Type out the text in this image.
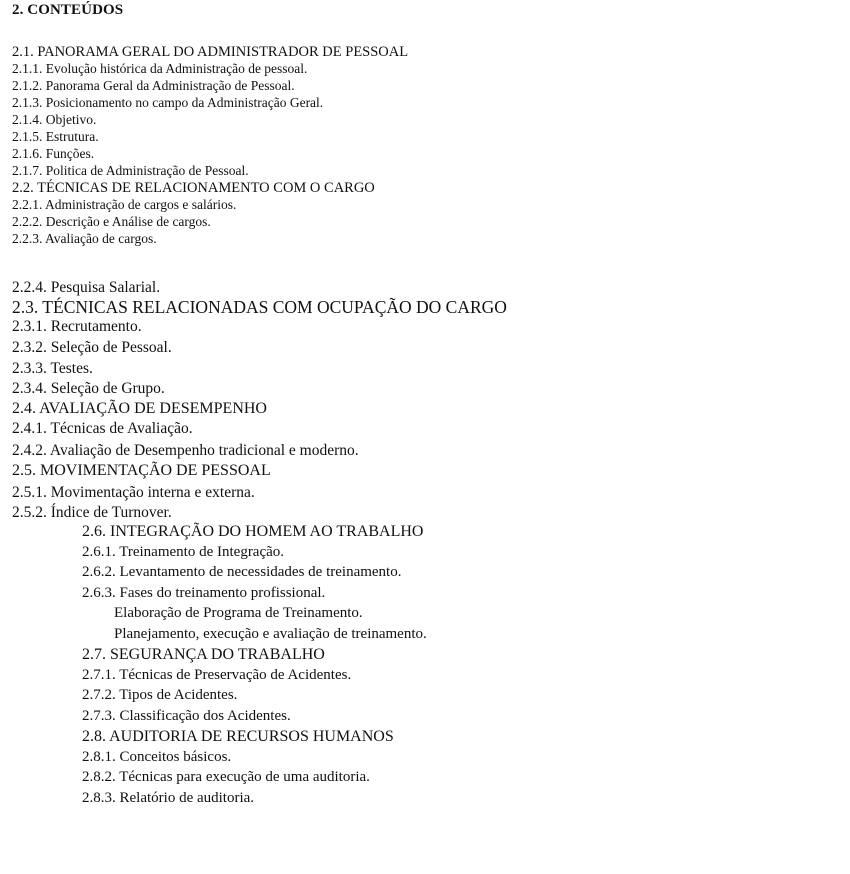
2. CONTEÚDOS
2.1. PANORAMA GERAL DO ADMINISTRADOR DE PESSOAL
2.1.1. Evolução histórica da Administração de pessoal.
2.1.2. Panorama Geral da Administração de Pessoal.
2.1.3. Posicionamento no campo da Administração Geral.
2.1.4. Objetivo.
2.1.5. Estrutura.
2.1.6. Funções.
2.1.7. Politica de Administração de Pessoal.
2.2. TÉCNICAS DE RELACIONAMENTO COM O CARGO
2.2.1. Administração de cargos e salários.
2.2.2. Descrição e Análise de cargos.
2.2.3. Avaliação de cargos.
2.2.4. Pesquisa Salarial.
2.3. TÉCNICAS RELACIONADAS COM OCUPAÇÃO DO CARGO
2.3.1. Recrutamento.
2.3.2. Seleção de Pessoal.
2.3.3. Testes.
2.3.4. Seleção de Grupo.
2.4. AVALIAÇÃO DE DESEMPENHO
2.4.1. Técnicas de Avaliação.
2.4.2. Avaliação de Desempenho tradicional e moderno.
2.5. MOVIMENTAÇÃO DE PESSOAL
2.5.1. Movimentação interna e externa.
2.5.2. Índice de Turnover.
2.6. INTEGRAÇÃO DO HOMEM AO TRABALHO
2.6.1. Treinamento de Integração.
2.6.2. Levantamento de necessidades de treinamento.
2.6.3. Fases do treinamento profissional.
Elaboração de Programa de Treinamento.
Planejamento, execução e avaliação de treinamento.
2.7. SEGURANÇA DO TRABALHO
2.7.1. Técnicas de Preservação de Acidentes.
2.7.2. Tipos de Acidentes.
2.7.3. Classificação dos Acidentes.
2.8. AUDITORIA DE RECURSOS HUMANOS
2.8.1. Conceitos básicos.
2.8.2. Técnicas para execução de uma auditoria.
2.8.3. Relatório de auditoria.
